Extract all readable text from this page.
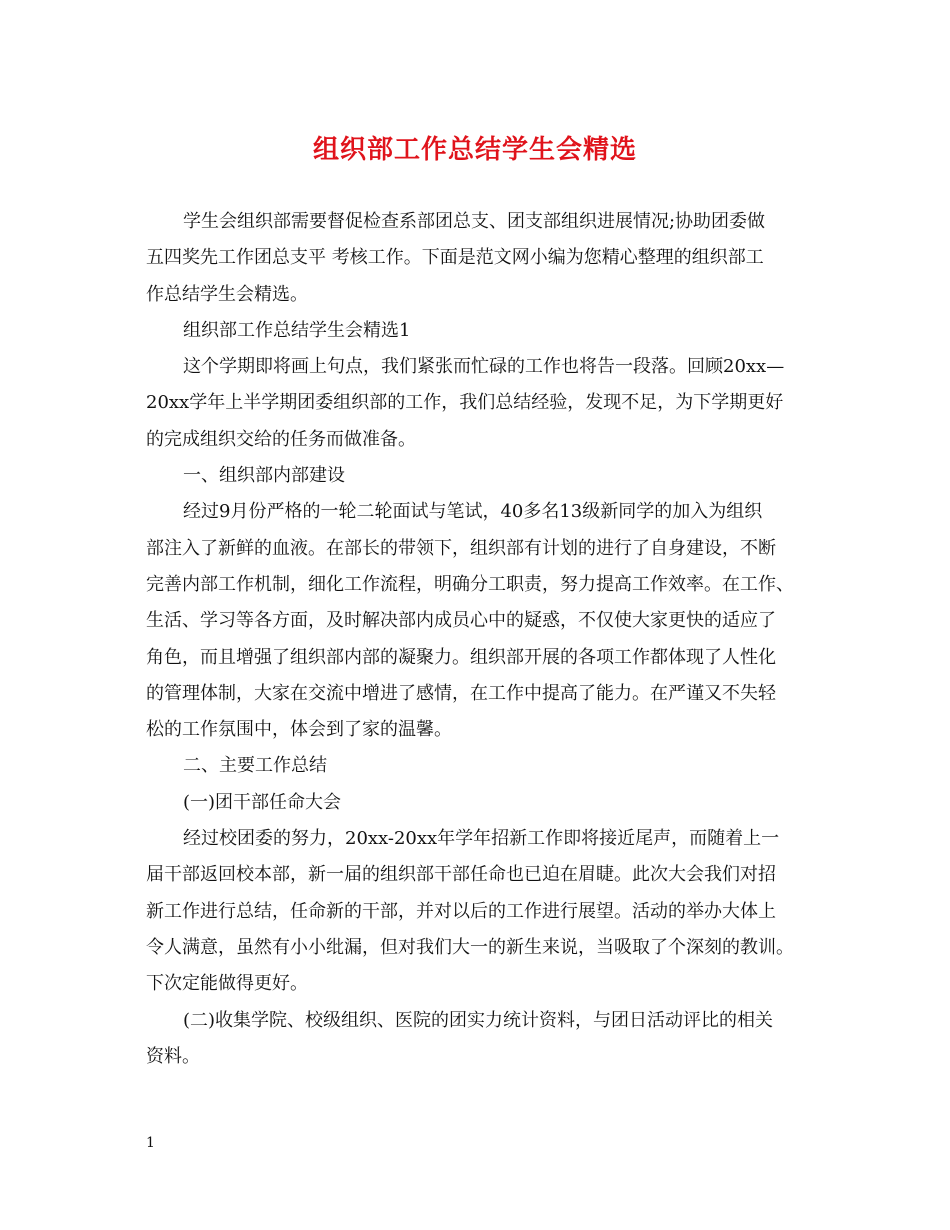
组织部工作总结学生会精选
学生会组织部需要督促检查系部团总支、团支部组织进展情况;协助团委做
五四奖先工作团总支平 考核工作。下面是范文网小编为您精心整理的组织部工
作总结学生会精选。
组织部工作总结学生会精选1
这个学期即将画上句点，我们紧张而忙碌的工作也将告一段落。回顾20xx—
20xx学年上半学期团委组织部的工作，我们总结经验，发现不足，为下学期更好
的完成组织交给的任务而做准备。
一、组织部内部建设
经过9月份严格的一轮二轮面试与笔试，40多名13级新同学的加入为组织
部注入了新鲜的血液。在部长的带领下，组织部有计划的进行了自身建设，不断
完善内部工作机制，细化工作流程，明确分工职责，努力提高工作效率。在工作、
生活、学习等各方面，及时解决部内成员心中的疑惑，不仅使大家更快的适应了
角色，而且增强了组织部内部的凝聚力。组织部开展的各项工作都体现了人性化
的管理体制，大家在交流中增进了感情，在工作中提高了能力。在严谨又不失轻
松的工作氛围中，体会到了家的温馨。
二、主要工作总结
(一)团干部任命大会
经过校团委的努力，20xx-20xx年学年招新工作即将接近尾声，而随着上一
届干部返回校本部，新一届的组织部干部任命也已迫在眉睫。此次大会我们对招
新工作进行总结，任命新的干部，并对以后的工作进行展望。活动的举办大体上
令人满意，虽然有小小纰漏，但对我们大一的新生来说，当吸取了个深刻的教训。
下次定能做得更好。
(二)收集学院、校级组织、医院的团实力统计资料，与团日活动评比的相关
资料。
1
